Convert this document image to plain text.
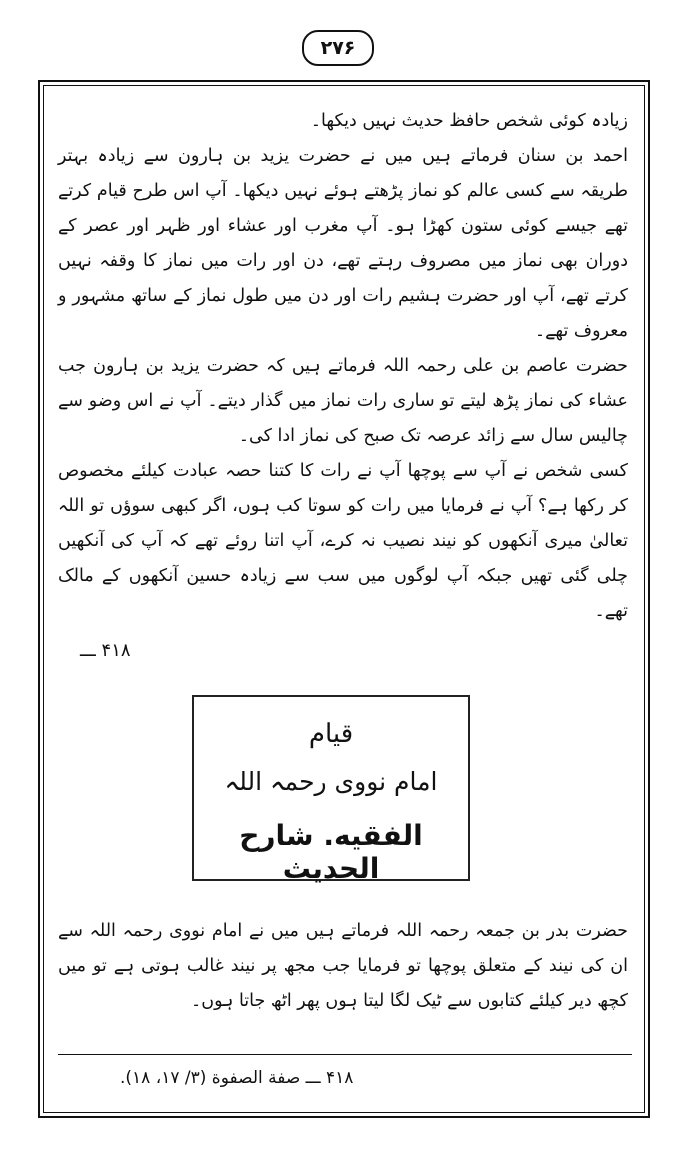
۲۷۶

زیادہ کوئی شخص حافظ حدیث نہیں دیکھا۔

احمد بن سنان فرماتے ہیں میں نے حضرت یزید بن ہارون سے زیادہ بہتر طریقہ سے کسی عالم کو نماز پڑھتے ہوئے نہیں دیکھا۔ آپ اس طرح قیام کرتے تھے جیسے کوئی ستون کھڑا ہو۔ آپ مغرب اور عشاء اور ظہر اور عصر کے دوران بھی نماز میں مصروف رہتے تھے، دن اور رات میں نماز کا وقفہ نہیں کرتے تھے، آپ اور حضرت ہشیم رات اور دن میں طول نماز کے ساتھ مشہور و معروف تھے۔

حضرت عاصم بن علی رحمہ اللہ فرماتے ہیں کہ حضرت یزید بن ہارون جب عشاء کی نماز پڑھ لیتے تو ساری رات نماز میں گذار دیتے۔ آپ نے اس وضو سے چالیس سال سے زائد عرصہ تک صبح کی نماز ادا کی۔

کسی شخص نے آپ سے پوچھا آپ نے رات کا کتنا حصہ عبادت کیلئے مخصوص کر رکھا ہے؟ آپ نے فرمایا میں رات کو سوتا کب ہوں، اگر کبھی سوؤں تو اللہ تعالیٰ میری آنکھوں کو نیند نصیب نہ کرے، آپ اتنا روئے تھے کہ آپ کی آنکھیں چلی گئی تھیں جبکہ آپ لوگوں میں سب سے زیادہ حسین آنکھوں کے مالک تھے۔

۴۱۸ ـــ
قیام
امام نووی رحمہ اللہ
الفقیه. شارح الحدیث
حضرت بدر بن جمعہ رحمہ اللہ فرماتے ہیں میں نے امام نووی رحمہ اللہ سے ان کی نیند کے متعلق پوچھا تو فرمایا جب مجھ پر نیند غالب ہوتی ہے تو میں کچھ دیر کیلئے کتابوں سے ٹیک لگا لیتا ہوں پھر اٹھ جاتا ہوں۔
۴۱۸ ـــ صفة الصفوة (۳/ ۱۷، ۱۸).
